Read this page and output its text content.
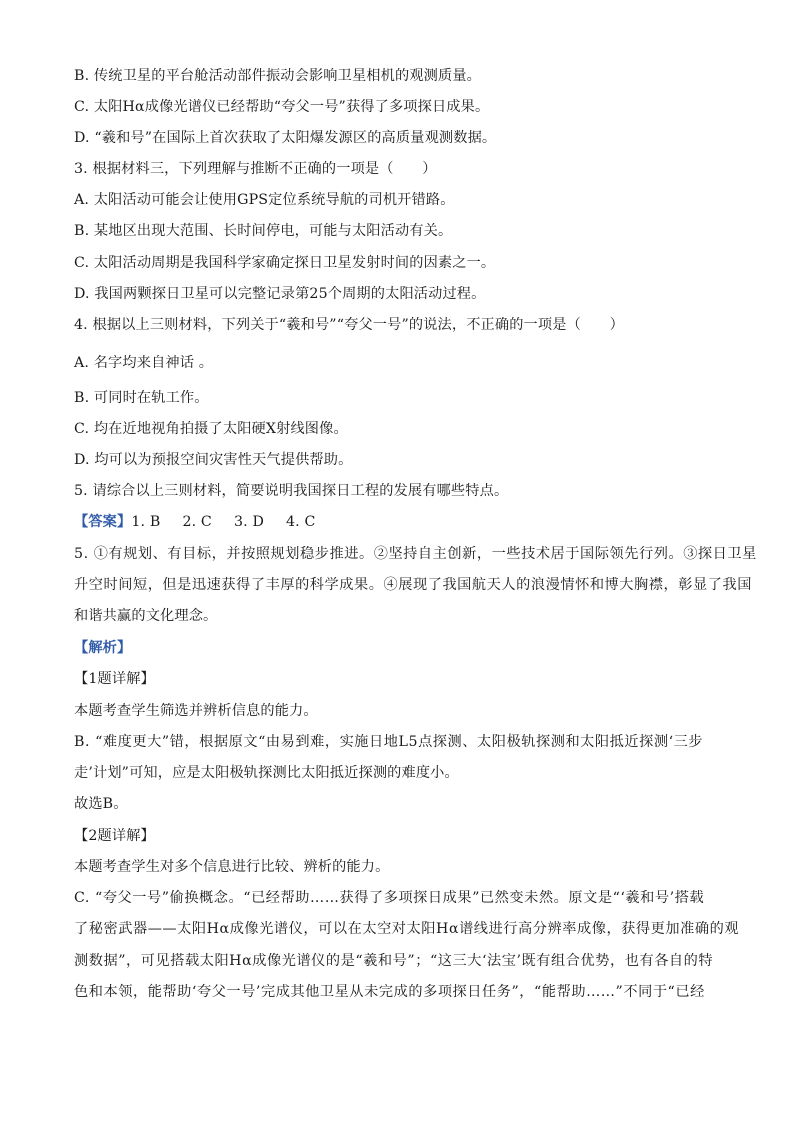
B. 传统卫星的平台舱活动部件振动会影响卫星相机的观测质量。
C. 太阳Hα成像光谱仪已经帮助“夸父一号”获得了多项探日成果。
D. “羲和号”在国际上首次获取了太阳爆发源区的高质量观测数据。
3. 根据材料三，下列理解与推断不正确的一项是（　　）
A. 太阳活动可能会让使用GPS定位系统导航的司机开错路。
B. 某地区出现大范围、长时间停电，可能与太阳活动有关。
C. 太阳活动周期是我国科学家确定探日卫星发射时间的因素之一。
D. 我国两颗探日卫星可以完整记录第25个周期的太阳活动过程。
4. 根据以上三则材料，下列关于“羲和号”“夸父一号”的说法，不正确的一项是（　　）
A. 名字均来自神话 。
B. 可同时在轨工作。
C. 均在近地视角拍摄了太阳硬X射线图像。
D. 均可以为预报空间灾害性天气提供帮助。
5. 请综合以上三则材料，简要说明我国探日工程的发展有哪些特点。
【答案】1. B 2. C 3. D 4. C
5. ①有规划、有目标，并按照规划稳步推进。②坚持自主创新，一些技术居于国际领先行列。③探日卫星
升空时间短，但是迅速获得了丰厚的科学成果。④展现了我国航天人的浪漫情怀和博大胸襟，彰显了我国
和谐共赢的文化理念。
【解析】
【1题详解】
本题考查学生筛选并辨析信息的能力。
B. “难度更大”错，根据原文“由易到难，实施日地L5点探测、太阳极轨探测和太阳抵近探测‘三步
走’计划”可知，应是太阳极轨探测比太阳抵近探测的难度小。
故选B。
【2题详解】
本题考查学生对多个信息进行比较、辨析的能力。
C. “夸父一号”偷换概念。“已经帮助……获得了多项探日成果”已然变未然。原文是“‘羲和号’搭载
了秘密武器——太阳Hα成像光谱仪，可以在太空对太阳Hα谱线进行高分辨率成像，获得更加准确的观
测数据”，可见搭载太阳Hα成像光谱仪的是“羲和号”；“这三大‘法宝’既有组合优势，也有各自的特
色和本领，能帮助‘夸父一号’完成其他卫星从未完成的多项探日任务”，“能帮助……”不同于“已经
